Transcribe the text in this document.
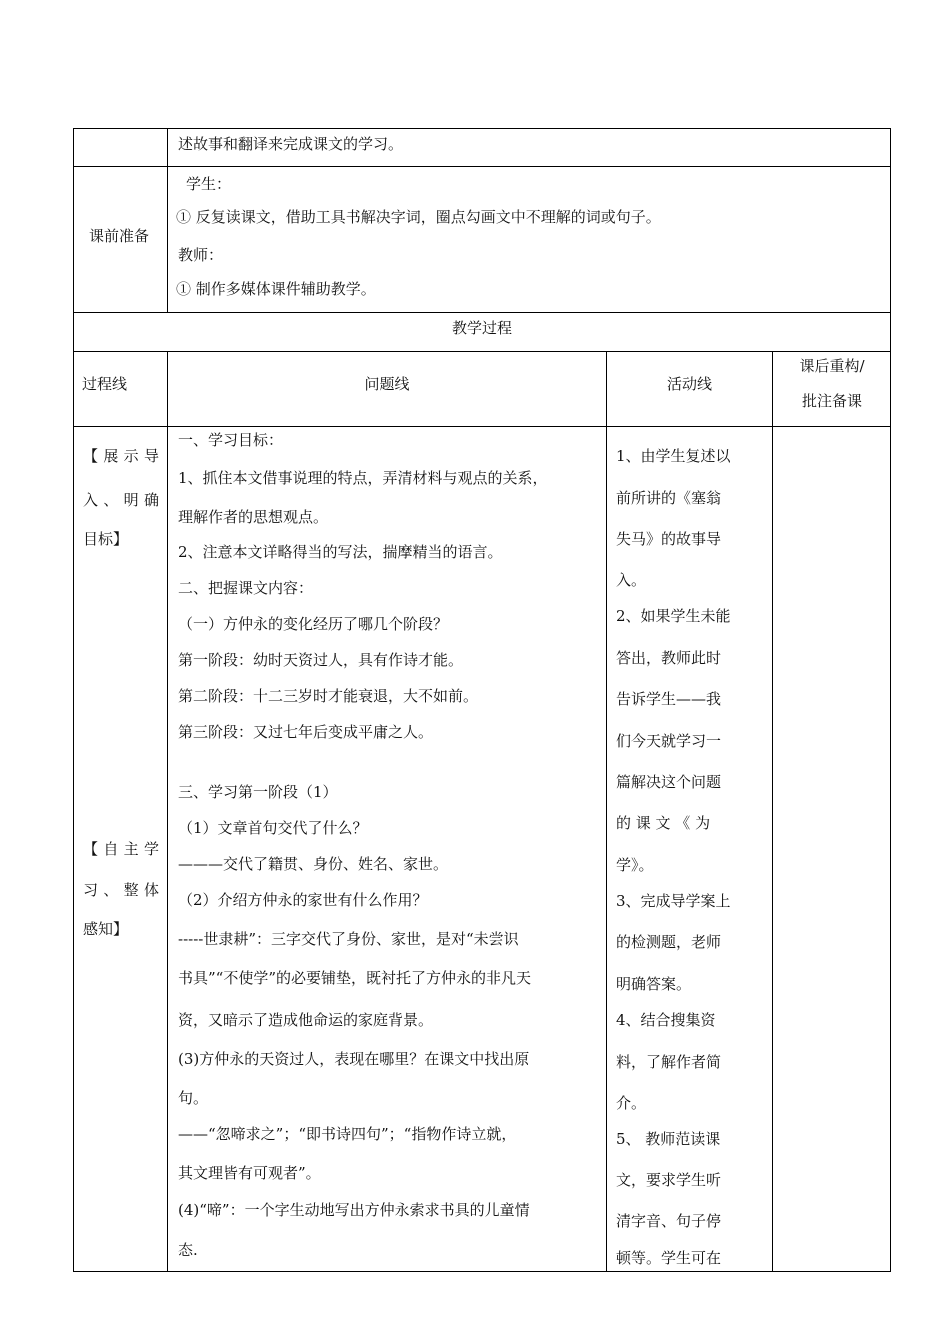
述故事和翻译来完成课文的学习。
课前准备
学生：
① 反复读课文，借助工具书解决字词，圈点勾画文中不理解的词或句子。
教师：
① 制作多媒体课件辅助教学。
教学过程
过程线	问题线	活动线
课后重构/
批注备课
【展示导
入、明确
目标】
【自主学
习、整体
感知】
一、学习目标：
1、抓住本文借事说理的特点，弄清材料与观点的关系，
理解作者的思想观点。
2、注意本文详略得当的写法，揣摩精当的语言。
二、把握课文内容：
（一）方仲永的变化经历了哪几个阶段？
第一阶段：幼时天资过人，具有作诗才能。
第二阶段：十二三岁时才能衰退，大不如前。
第三阶段：又过七年后变成平庸之人。
三、学习第一阶段（1）
（1）文章首句交代了什么？
———交代了籍贯、身份、姓名、家世。
（2）介绍方仲永的家世有什么作用？
-----世隶耕”：三字交代了身份、家世，是对“未尝识
书具”“不使学”的必要铺垫，既衬托了方仲永的非凡天
资，又暗示了造成他命运的家庭背景。
(3)方仲永的天资过人，表现在哪里？在课文中找出原
句。
——“忽啼求之”；“即书诗四句”；“指物作诗立就，
其文理皆有可观者”。
(4)“啼”：一个字生动地写出方仲永索求书具的儿童情
态.
1、由学生复述以
前所讲的《塞翁
失马》的故事导
入。
2、如果学生未能
答出，教师此时
告诉学生——我
们今天就学习一
篇解决这个问题
的 课 文 《 为
学》。
3、完成导学案上
的检测题，老师
明确答案。
4、结合搜集资
料，了解作者简
介。
5、 教师范读课
文，要求学生听
清字音、句子停
顿等。学生可在
